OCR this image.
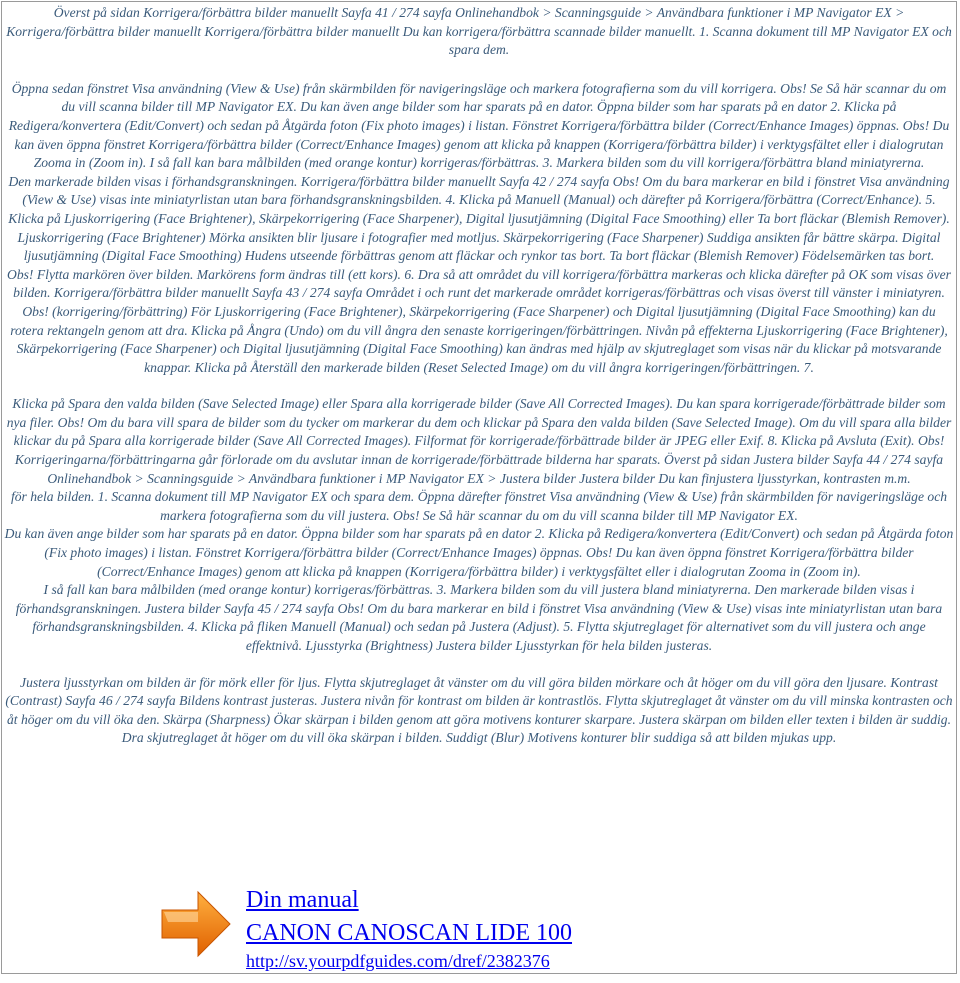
Överst på sidan Korrigera/förbättra bilder manuellt Sayfa 41 / 274 sayfa Onlinehandbok > Scanningsguide > Användbara funktioner i MP Navigator EX > Korrigera/förbättra bilder manuellt Korrigera/förbättra bilder manuellt Du kan korrigera/förbättra scannade bilder manuellt. 1. Scanna dokument till MP Navigator EX och spara dem.

Öppna sedan fönstret Visa användning (View & Use) från skärmbilden för navigeringsläge och markera fotografierna som du vill korrigera. Obs! Se Så här scannar du om du vill scanna bilder till MP Navigator EX. Du kan även ange bilder som har sparats på en dator. Öppna bilder som har sparats på en dator 2. Klicka på Redigera/konvertera (Edit/Convert) och sedan på Åtgärda foton (Fix photo images) i listan. Fönstret Korrigera/förbättra bilder (Correct/Enhance Images) öppnas. Obs! Du kan även öppna fönstret Korrigera/förbättra bilder (Correct/Enhance Images) genom att klicka på knappen (Korrigera/förbättra bilder) i verktygsfältet eller i dialogrutan Zooma in (Zoom in). I så fall kan bara målbilden (med orange kontur) korrigeras/förbättras. 3. Markera bilden som du vill korrigera/förbättra bland miniatyrerna.

Den markerade bilden visas i förhandsgranskningen. Korrigera/förbättra bilder manuellt Sayfa 42 / 274 sayfa Obs! Om du bara markerar en bild i fönstret Visa användning (View & Use) visas inte miniatyrlistan utan bara förhandsgranskningsbilden. 4. Klicka på Manuell (Manual) och därefter på Korrigera/förbättra (Correct/Enhance). 5.

Klicka på Ljuskorrigering (Face Brightener), Skärpekorrigering (Face Sharpener), Digital ljusutjämning (Digital Face Smoothing) eller Ta bort fläckar (Blemish Remover). Ljuskorrigering (Face Brightener) Mörka ansikten blir ljusare i fotografier med motljus. Skärpekorrigering (Face Sharpener) Suddiga ansikten får bättre skärpa. Digital ljusutjämning (Digital Face Smoothing) Hudens utseende förbättras genom att fläckar och rynkor tas bort. Ta bort fläckar (Blemish Remover) Födelsemärken tas bort.

Obs! Flytta markören över bilden. Markörens form ändras till (ett kors). 6. Dra så att området du vill korrigera/förbättra markeras och klicka därefter på OK som visas över bilden. Korrigera/förbättra bilder manuellt Sayfa 43 / 274 sayfa Området i och runt det markerade området korrigeras/förbättras och visas överst till vänster i miniatyren. Obs! (korrigering/förbättring) För Ljuskorrigering (Face Brightener), Skärpekorrigering (Face Sharpener) och Digital ljusutjämning (Digital Face Smoothing) kan du rotera rektangeln genom att dra. Klicka på Ångra (Undo) om du vill ångra den senaste korrigeringen/förbättringen. Nivån på effekterna Ljuskorrigering (Face Brightener), Skärpekorrigering (Face Sharpener) och Digital ljusutjämning (Digital Face Smoothing) kan ändras med hjälp av skjutreglaget som visas när du klickar på motsvarande knappar. Klicka på Återställ den markerade bilden (Reset Selected Image) om du vill ångra korrigeringen/förbättringen. 7.

Klicka på Spara den valda bilden (Save Selected Image) eller Spara alla korrigerade bilder (Save All Corrected Images). Du kan spara korrigerade/förbättrade bilder som nya filer. Obs! Om du bara vill spara de bilder som du tycker om markerar du dem och klickar på Spara den valda bilden (Save Selected Image). Om du vill spara alla bilder klickar du på Spara alla korrigerade bilder (Save All Corrected Images). Filformat för korrigerade/förbättrade bilder är JPEG eller Exif. 8. Klicka på Avsluta (Exit). Obs! Korrigeringarna/förbättringarna går förlorade om du avslutar innan de korrigerade/förbättrade bilderna har sparats. Överst på sidan Justera bilder Sayfa 44 / 274 sayfa Onlinehandbok > Scanningsguide > Användbara funktioner i MP Navigator EX > Justera bilder Justera bilder Du kan finjustera ljusstyrkan, kontrasten m.m.

för hela bilden. 1. Scanna dokument till MP Navigator EX och spara dem. Öppna därefter fönstret Visa användning (View & Use) från skärmbilden för navigeringsläge och markera fotografierna som du vill justera. Obs! Se Så här scannar du om du vill scanna bilder till MP Navigator EX.

Du kan även ange bilder som har sparats på en dator. Öppna bilder som har sparats på en dator 2. Klicka på Redigera/konvertera (Edit/Convert) och sedan på Åtgärda foton (Fix photo images) i listan. Fönstret Korrigera/förbättra bilder (Correct/Enhance Images) öppnas. Obs! Du kan även öppna fönstret Korrigera/förbättra bilder (Correct/Enhance Images) genom att klicka på knappen (Korrigera/förbättra bilder) i verktygsfältet eller i dialogrutan Zooma in (Zoom in).

I så fall kan bara målbilden (med orange kontur) korrigeras/förbättras. 3. Markera bilden som du vill justera bland miniatyrerna. Den markerade bilden visas i förhandsgranskningen. Justera bilder Sayfa 45 / 274 sayfa Obs! Om du bara markerar en bild i fönstret Visa användning (View & Use) visas inte miniatyrlistan utan bara förhandsgranskningsbilden. 4. Klicka på fliken Manuell (Manual) och sedan på Justera (Adjust). 5. Flytta skjutreglaget för alternativet som du vill justera och ange effektnivå. Ljusstyrka (Brightness) Justera bilder Ljusstyrkan för hela bilden justeras.

Justera ljusstyrkan om bilden är för mörk eller för ljus. Flytta skjutreglaget åt vänster om du vill göra bilden mörkare och åt höger om du vill göra den ljusare. Kontrast (Contrast) Sayfa 46 / 274 sayfa Bildens kontrast justeras. Justera nivån för kontrast om bilden är kontrastlös. Flytta skjutreglaget åt vänster om du vill minska kontrasten och åt höger om du vill öka den. Skärpa (Sharpness) Ökar skärpan i bilden genom att göra motivens konturer skarpare. Justera skärpan om bilden eller texten i bilden är suddig. Dra skjutreglaget åt höger om du vill öka skärpan i bilden. Suddigt (Blur) Motivens konturer blir suddiga så att bilden mjukas upp.

Din manual
CANON CANOSCAN LIDE 100
http://sv.yourpdfguides.com/dref/2382376
